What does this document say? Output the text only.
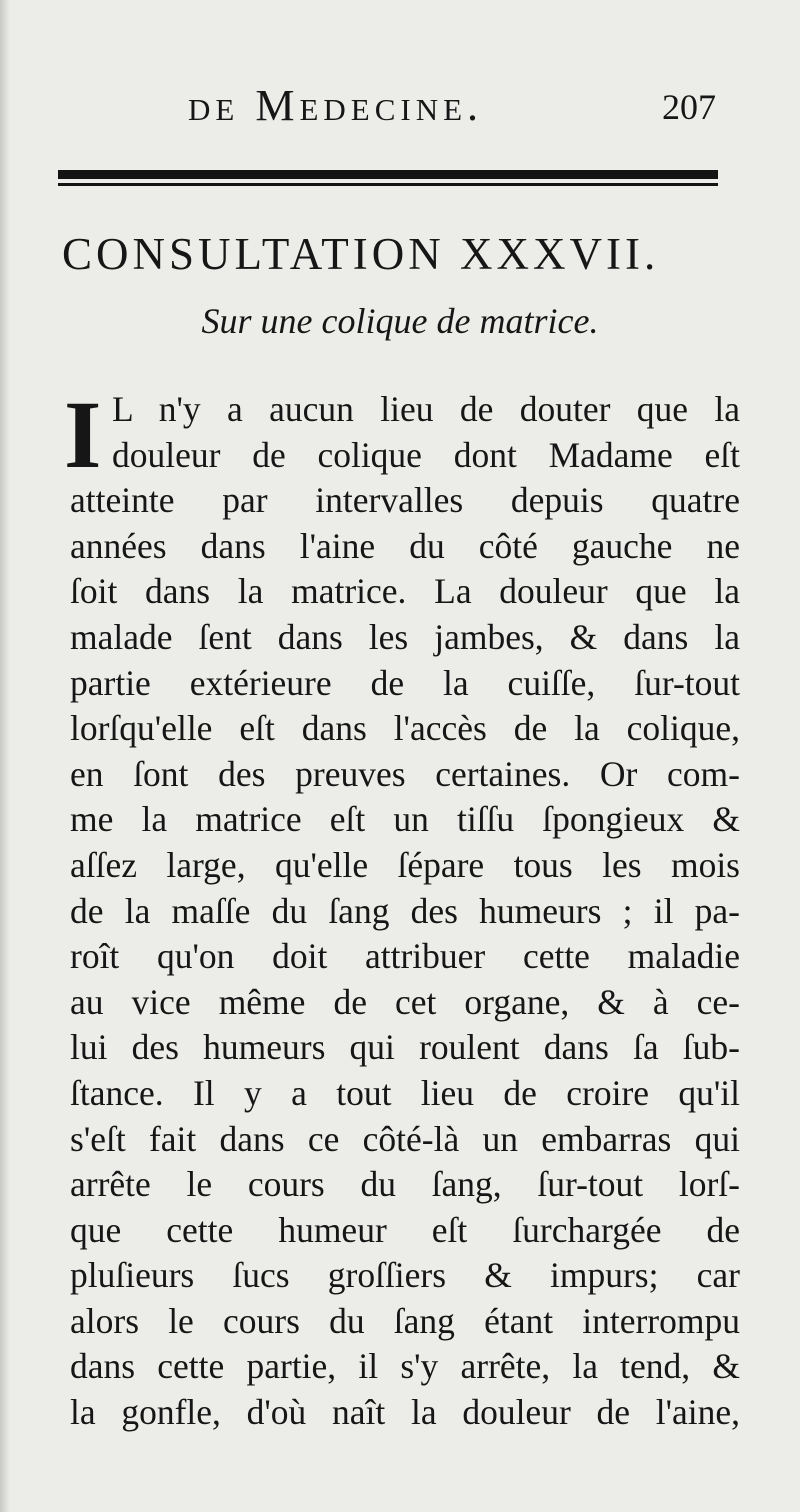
de Medecine.	207
CONSULTATION XXXVII.
Sur une colique de matrice.
I L n'y a aucun lieu de douter que la
douleur de colique dont Madame eſt
atteinte par intervalles depuis quatre
années dans l'aine du côté gauche ne
ſoit dans la matrice. La douleur que la
malade ſent dans les jambes, & dans la
partie extérieure de la cuiſſe, ſur-tout
lorſqu'elle eſt dans l'accès de la colique,
en ſont des preuves certaines. Or com-
me la matrice eſt un tiſſu ſpongieux &
aſſez large, qu'elle ſépare tous les mois
de la maſſe du ſang des humeurs ; il pa-
roît qu'on doit attribuer cette maladie
au vice même de cet organe, & à ce-
lui des humeurs qui roulent dans ſa ſub-
ſtance. Il y a tout lieu de croire qu'il
s'eſt fait dans ce côté-là un embarras qui
arrête le cours du ſang, ſur-tout lorſ-
que cette humeur eſt ſurchargée de
pluſieurs ſucs groſſiers & impurs; car
alors le cours du ſang étant interrompu
dans cette partie, il s'y arrête, la tend, &
la gonfle, d'où naît la douleur de l'aine,
